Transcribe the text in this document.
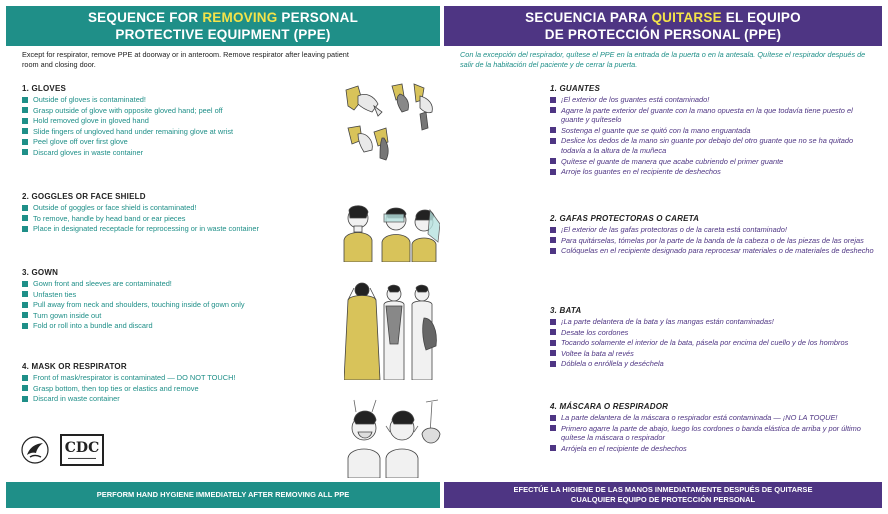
SEQUENCE FOR REMOVING PERSONAL
PROTECTIVE EQUIPMENT (PPE)
Except for respirator, remove PPE at doorway or in anteroom. Remove respirator after leaving patient room and closing door.
1. GLOVES
Outside of gloves is contaminated!
Grasp outside of glove with opposite gloved hand; peel off
Hold removed glove in gloved hand
Slide fingers of ungloved hand under remaining glove at wrist
Peel glove off over first glove
Discard gloves in waste container
2. GOGGLES OR FACE SHIELD
Outside of goggles or face shield is contaminated!
To remove, handle by head band or ear pieces
Place in designated receptacle for reprocessing or in waste container
3. GOWN
Gown front and sleeves are contaminated!
Unfasten ties
Pull away from neck and shoulders, touching inside of gown only
Turn gown inside out
Fold or roll into a bundle and discard
4. MASK OR RESPIRATOR
Front of mask/respirator is contaminated — DO NOT TOUCH!
Grasp bottom, then top ties or elastics and remove
Discard in waste container
CDC
▬▬▬▬▬▬▬▬
PERFORM HAND HYGIENE IMMEDIATELY AFTER REMOVING ALL PPE
SECUENCIA PARA QUITARSE EL EQUIPO
DE PROTECCIÓN PERSONAL (PPE)
Con la excepción del respirador, quítese el PPE en la entrada de la puerta o en la antesala. Quítese el respirador después de salir de la habitación del paciente y de cerrar la puerta.
1. GUANTES
¡El exterior de los guantes está contaminado!
Agarre la parte exterior del guante con la mano opuesta en la que todavía tiene puesto el guante y quíteselo
Sostenga el guante que se quitó con la mano enguantada
Deslice los dedos de la mano sin guante por debajo del otro guante que no se ha quitado todavía a la altura de la muñeca
Quítese el guante de manera que acabe cubriendo el primer guante
Arroje los guantes en el recipiente de deshechos
2. GAFAS PROTECTORAS O CARETA
¡El exterior de las gafas protectoras o de la careta está contaminado!
Para quitárselas, tómelas por la parte de la banda de la cabeza o de las piezas de las orejas
Colóquelas en el recipiente designado para reprocesar materiales o de materiales de deshecho
3. BATA
¡La parte delantera de la bata y las mangas están contaminadas!
Desate los cordones
Tocando solamente el interior de la bata, pásela por encima del cuello y de los hombros
Voltee la bata al revés
Dóblela o enróllela y deséchela
4. MÁSCARA O RESPIRADOR
La parte delantera de la máscara o respirador está contaminada — ¡NO LA TOQUE!
Primero agarre la parte de abajo, luego los cordones o banda elástica de arriba y por último quítese la máscara o respirador
Arrójela en el recipiente de deshechos
EFECTÚE LA HIGIENE DE LAS MANOS INMEDIATAMENTE DESPUÉS DE QUITARSE
CUALQUIER EQUIPO DE PROTECCIÓN PERSONAL
